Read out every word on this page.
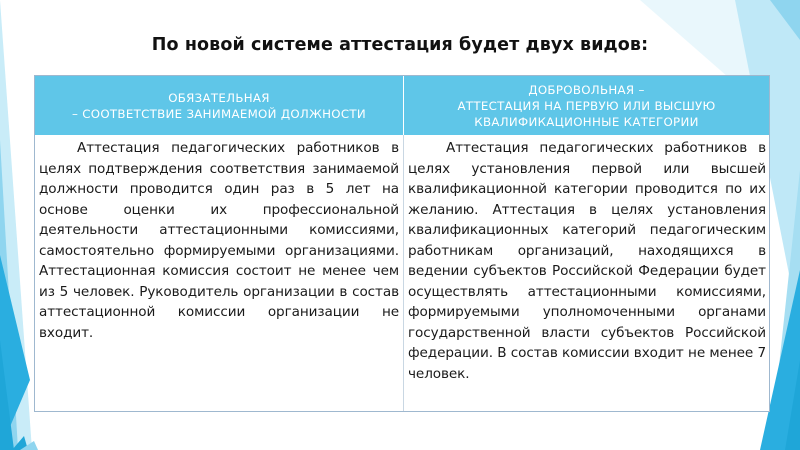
По новой системе аттестация будет двух видов:
ОБЯЗАТЕЛЬНАЯ
– СООТВЕТСТВИЕ ЗАНИМАЕМОЙ ДОЛЖНОСТИ
ДОБРОВОЛЬНАЯ –
АТТЕСТАЦИЯ НА ПЕРВУЮ ИЛИ ВЫСШУЮ
КВАЛИФИКАЦИОННЫЕ КАТЕГОРИИ

Аттестация педагогических работников в целях подтверждения соответствия занимаемой должности проводится один раз в 5 лет на основе оценки их профессиональной деятельности аттестационными комиссиями, самостоятельно формируемыми организациями. Аттестационная комиссия состоит не менее чем из 5 человек. Руководитель организации в состав аттестационной комиссии организации не входит.

Аттестация педагогических работников в целях установления первой или высшей квалификационной категории проводится по их желанию. Аттестация в целях установления квалификационных категорий педагогическим работникам организаций, находящихся в ведении субъектов Российской Федерации будет осуществлять аттестационными комиссиями, формируемыми уполномоченными органами государственной власти субъектов Российской федерации. В состав комиссии входит не менее 7 человек.
